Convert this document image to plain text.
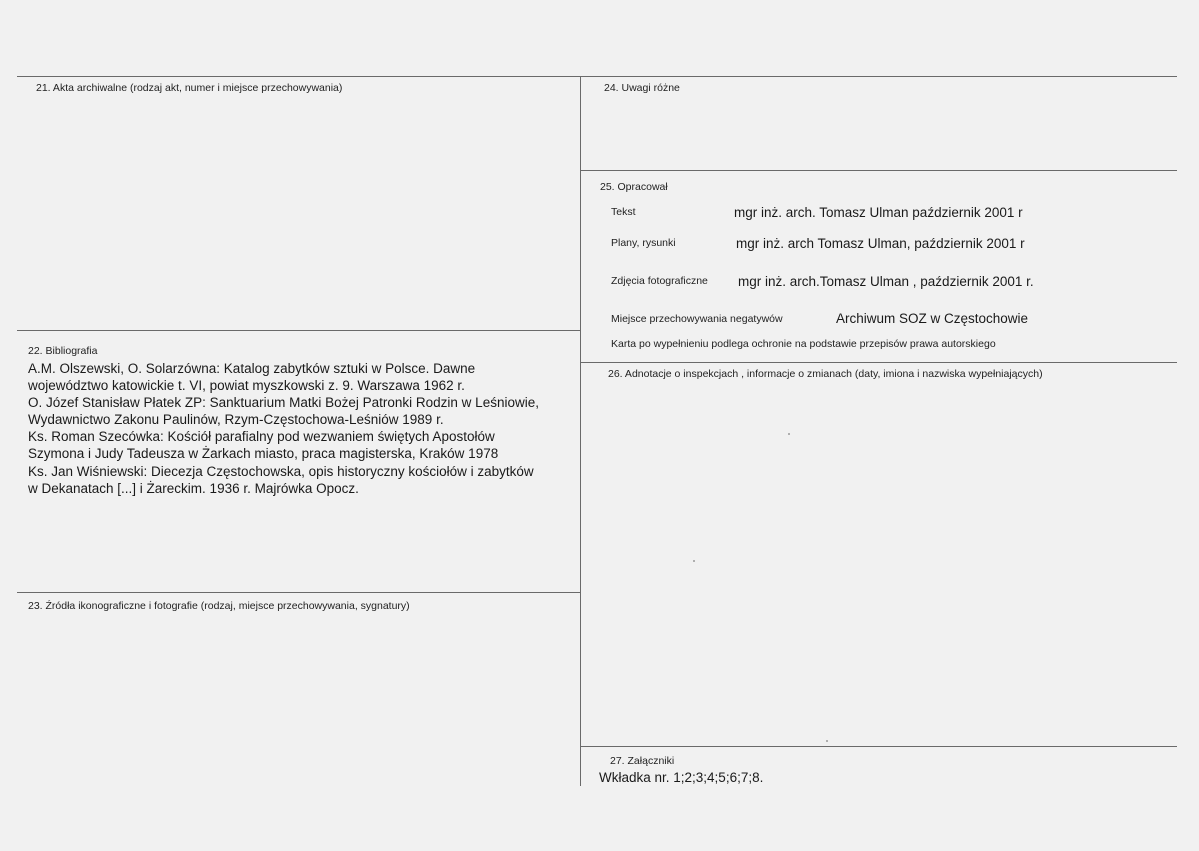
21. Akta archiwalne (rodzaj akt, numer i miejsce przechowywania)
22. Bibliografia
A.M. Olszewski, O. Solarzówna: Katalog zabytków sztuki w Polsce. Dawne
województwo katowickie t. VI, powiat myszkowski z. 9. Warszawa 1962 r.
O. Józef Stanisław Płatek ZP: Sanktuarium Matki Bożej Patronki Rodzin w Leśniowie,
Wydawnictwo Zakonu Paulinów, Rzym-Częstochowa-Leśniów 1989 r.
Ks. Roman Szecówka: Kościół parafialny pod wezwaniem świętych Apostołów
Szymona i Judy Tadeusza w Żarkach miasto, praca magisterska, Kraków 1978
Ks. Jan Wiśniewski: Diecezja Częstochowska, opis historyczny kościołów i zabytków
w Dekanatach [...] i Żareckim. 1936 r. Majrówka Opocz.
23. Źródła ikonograficzne i fotografie (rodzaj, miejsce przechowywania, sygnatury)
24. Uwagi różne
25. Opracował
Tekst	mgr inż. arch. Tomasz Ulman październik 2001 r
Plany, rysunki	mgr inż. arch Tomasz Ulman, październik 2001 r
Zdjęcia fotograficzne mgr inż. arch.Tomasz Ulman , październik 2001 r.
Miejsce przechowywania negatywów	Archiwum SOZ w Częstochowie
Karta po wypełnieniu podlega ochronie na podstawie przepisów prawa autorskiego
26. Adnotacje o inspekcjach , informacje o zmianach (daty, imiona i nazwiska wypełniających)
27. Załączniki
Wkładka nr. 1;2;3;4;5;6;7;8.
